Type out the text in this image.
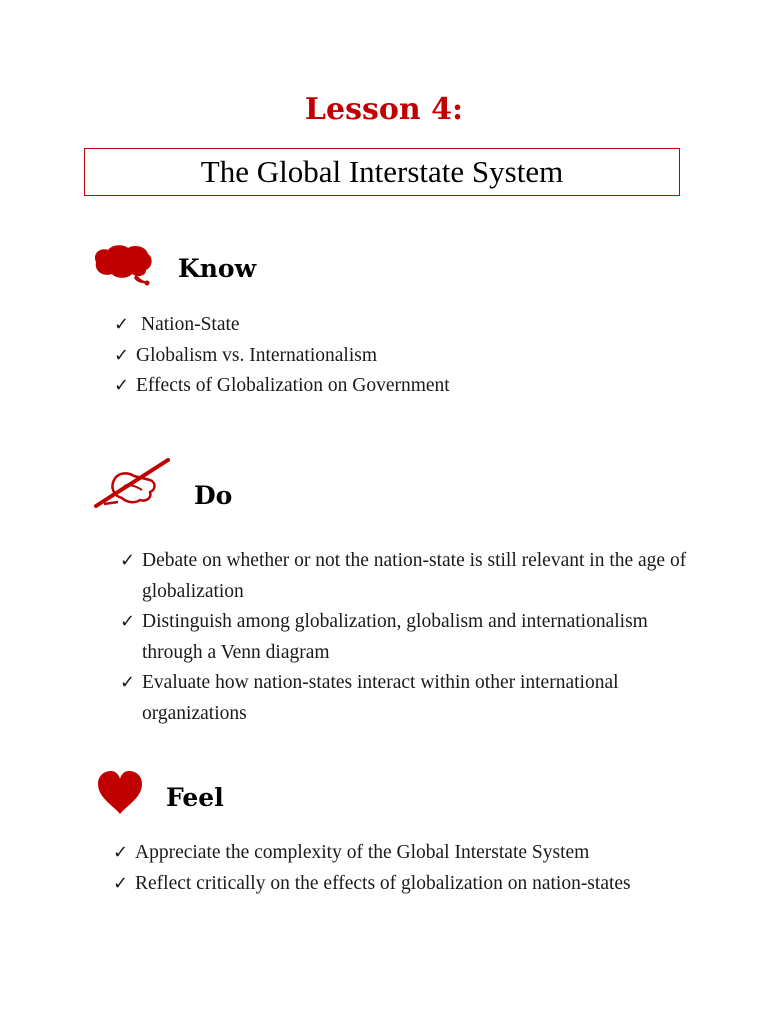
Lesson 4:
The Global Interstate System
Know
✓ Nation-State
✓ Globalism vs. Internationalism
✓ Effects of Globalization on Government
Do
✓ Debate on whether or not the nation-state is still relevant in the age of globalization
✓ Distinguish among globalization, globalism and internationalism through a Venn diagram
✓ Evaluate how nation-states interact within other international organizations
Feel
✓ Appreciate the complexity of the Global Interstate System
✓ Reflect critically on the effects of globalization on nation-states
